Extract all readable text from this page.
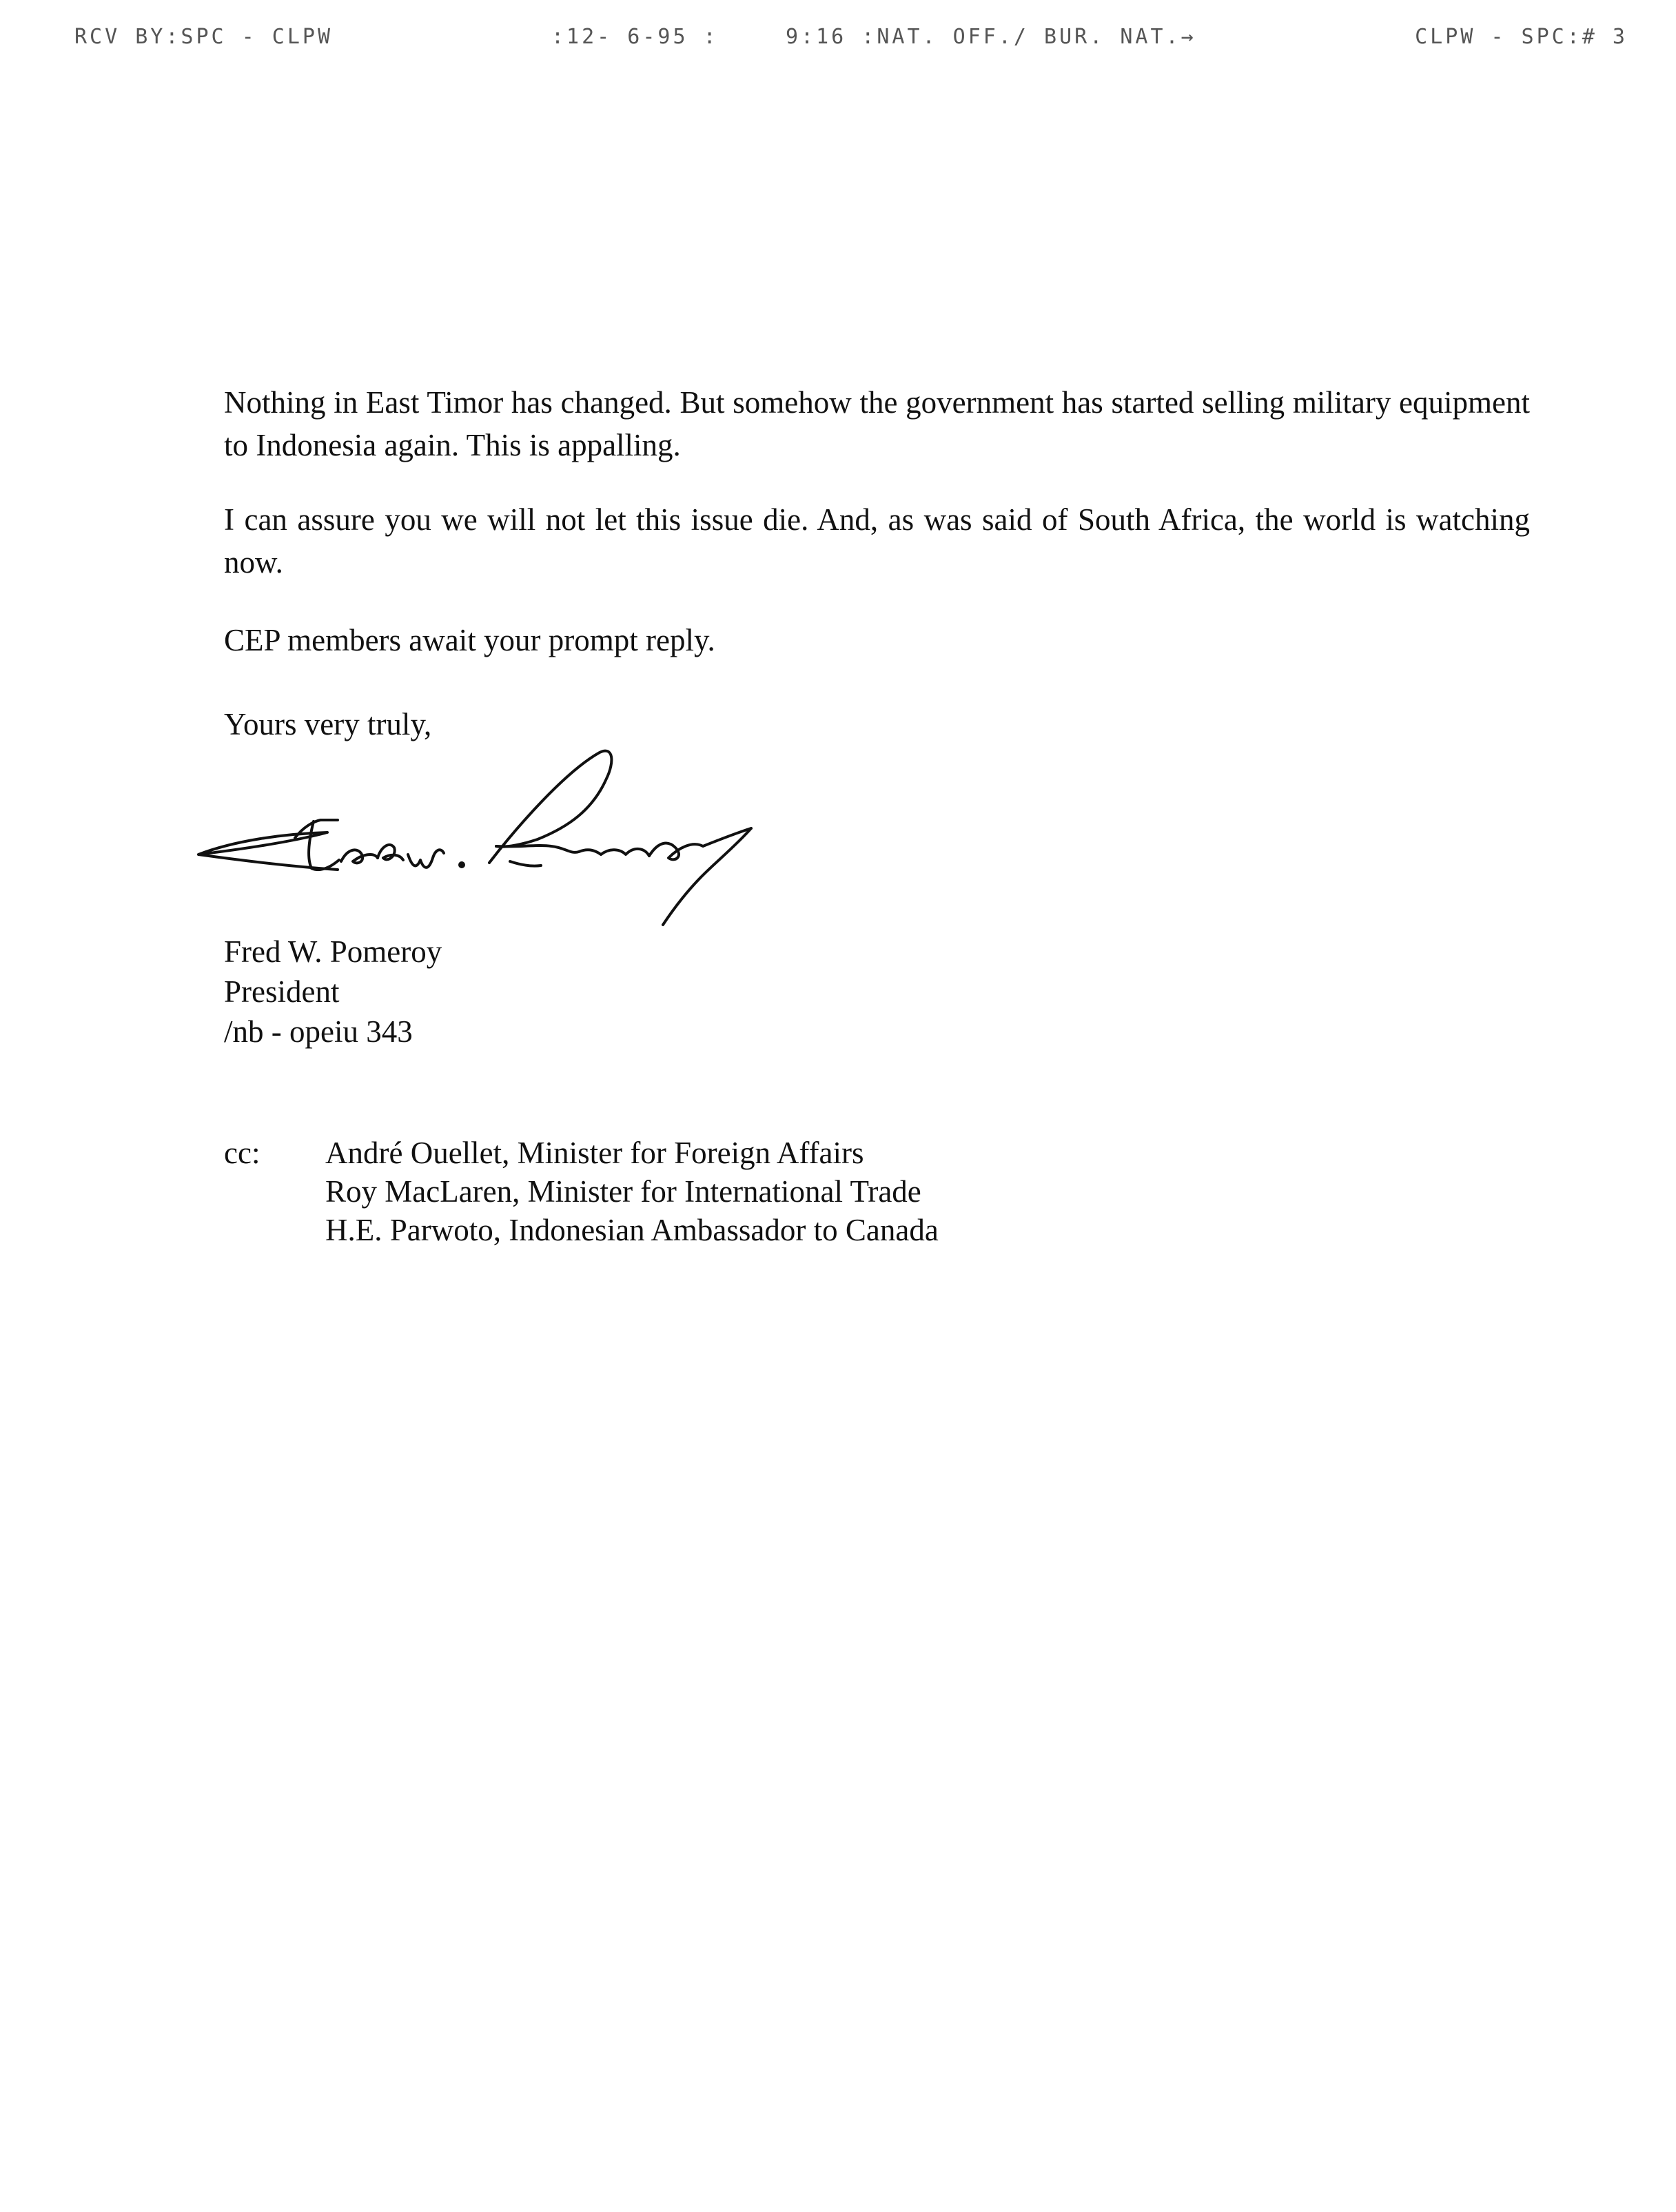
RCV BY:SPC - CLPW	:12- 6-95 :	9:16 :NAT. OFF./ BUR. NAT.→	CLPW - SPC:# 3

Nothing in East Timor has changed. But somehow the government has started selling military equipment to Indonesia again. This is appalling.

I can assure you we will not let this issue die. And, as was said of South Africa, the world is watching now.

CEP members await your prompt reply.

Yours very truly,

Fred W. Pomeroy
President
/nb - opeiu 343
cc: André Ouellet, Minister for Foreign Affairs
Roy MacLaren, Minister for International Trade
H.E. Parwoto, Indonesian Ambassador to Canada
